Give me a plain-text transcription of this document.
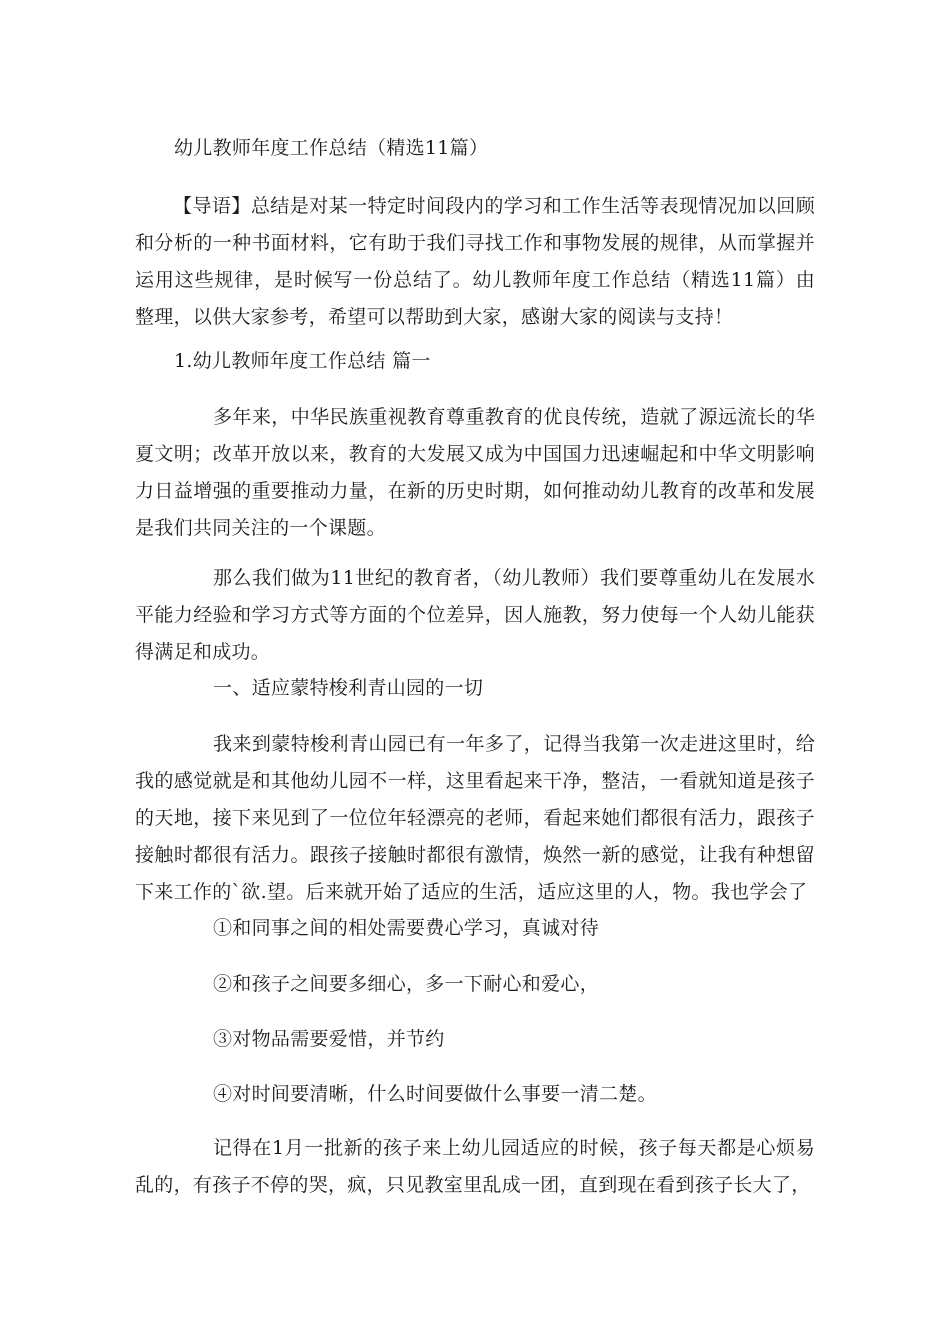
幼儿教师年度工作总结（精选11篇）
【导语】总结是对某一特定时间段内的学习和工作生活等表现情况加以回顾和分析的一种书面材料，它有助于我们寻找工作和事物发展的规律，从而掌握并运用这些规律，是时候写一份总结了。幼儿教师年度工作总结（精选11篇）由整理，以供大家参考，希望可以帮助到大家，感谢大家的阅读与支持！
1.幼儿教师年度工作总结 篇一
多年来，中华民族重视教育尊重教育的优良传统，造就了源远流长的华夏文明；改革开放以来，教育的大发展又成为中国国力迅速崛起和中华文明影响力日益增强的重要推动力量，在新的历史时期，如何推动幼儿教育的改革和发展是我们共同关注的一个课题。
那么我们做为11世纪的教育者，（幼儿教师）我们要尊重幼儿在发展水平能力经验和学习方式等方面的个位差异，因人施教，努力使每一个人幼儿能获得满足和成功。
一、适应蒙特梭利青山园的一切
我来到蒙特梭利青山园已有一年多了，记得当我第一次走进这里时，给我的感觉就是和其他幼儿园不一样，这里看起来干净，整洁，一看就知道是孩子的天地，接下来见到了一位位年轻漂亮的老师，看起来她们都很有活力，跟孩子接触时都很有活力。跟孩子接触时都很有激情，焕然一新的感觉，让我有种想留下来工作的`欲.望。后来就开始了适应的生活，适应这里的人，物。我也学会了
①和同事之间的相处需要费心学习，真诚对待
②和孩子之间要多细心，多一下耐心和爱心，
③对物品需要爱惜，并节约
④对时间要清晰，什么时间要做什么事要一清二楚。
记得在1月一批新的孩子来上幼儿园适应的时候，孩子每天都是心烦易乱的，有孩子不停的哭，疯，只见教室里乱成一团，直到现在看到孩子长大了，
